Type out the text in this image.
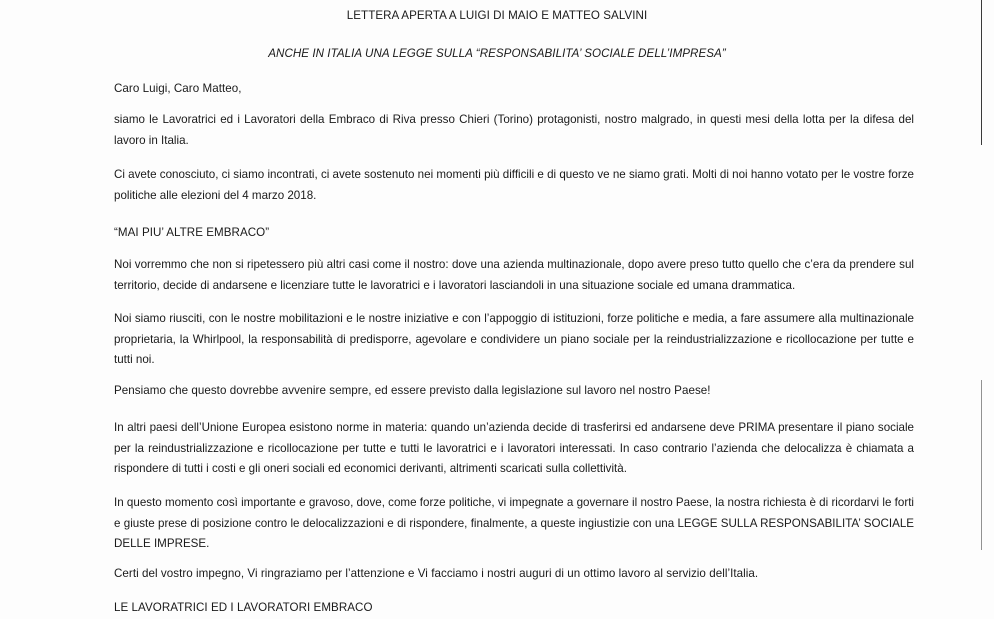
LETTERA APERTA A LUIGI DI MAIO E MATTEO SALVINI
ANCHE IN ITALIA UNA LEGGE SULLA “RESPONSABILITA’ SOCIALE DELL’IMPRESA”
Caro Luigi, Caro Matteo,
siamo le Lavoratrici ed i Lavoratori della Embraco di Riva presso Chieri (Torino) protagonisti, nostro malgrado, in questi mesi della lotta per la difesa del lavoro in Italia.
Ci avete conosciuto, ci siamo incontrati, ci avete sostenuto nei momenti più difficili e di questo ve ne siamo grati. Molti di noi hanno votato per le vostre forze politiche alle elezioni del 4 marzo 2018.
“MAI PIU’ ALTRE EMBRACO”
Noi vorremmo che non si ripetessero più altri casi come il nostro: dove una azienda multinazionale, dopo avere preso tutto quello che c’era da prendere sul territorio, decide di andarsene e licenziare tutte le lavoratrici e i lavoratori lasciandoli in una situazione sociale ed umana drammatica.
Noi siamo riusciti, con le nostre mobilitazioni e le nostre iniziative e con l’appoggio di istituzioni, forze politiche e media, a fare assumere alla multinazionale proprietaria, la Whirlpool, la responsabilità di predisporre, agevolare e condividere un piano sociale per la reindustrializzazione e ricollocazione per tutte e tutti noi.
Pensiamo che questo dovrebbe avvenire sempre, ed essere previsto dalla legislazione sul lavoro nel nostro Paese!
In altri paesi dell’Unione Europea esistono norme in materia: quando un’azienda decide di trasferirsi ed andarsene deve PRIMA presentare il piano sociale per la reindustrializzazione e ricollocazione per tutte e tutti le lavoratrici e i lavoratori interessati. In caso contrario l’azienda che delocalizza è chiamata a rispondere di tutti i costi e gli oneri sociali ed economici derivanti, altrimenti scaricati sulla collettività.
In questo momento così importante e gravoso, dove, come forze politiche, vi impegnate a governare il nostro Paese, la nostra richiesta è di ricordarvi le forti e giuste prese di posizione contro le delocalizzazioni e di rispondere, finalmente, a queste ingiustizie con una LEGGE SULLA RESPONSABILITA’ SOCIALE DELLE IMPRESE.
Certi del vostro impegno, Vi ringraziamo per l’attenzione e Vi facciamo i nostri auguri di un ottimo lavoro al servizio dell’Italia.
LE LAVORATRICI ED I LAVORATORI EMBRACO
